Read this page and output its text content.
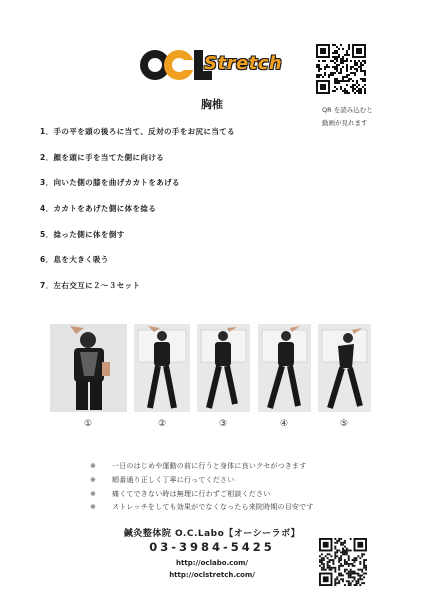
Stretch
QR を読み込むと
動画が見れます
胸椎
1．手の平を頭の後ろに当て、反対の手をお尻に当てる
2．顔を頭に手を当てた側に向ける
3．向いた側の膝を曲げカカトをあげる
4．カカトをあげた側に体を捻る
5．捻った側に体を倒す
6．息を大きく吸う
7．左右交互に２～３セット
①	②	③	④	⑤
※ 一日のはじめや運動の前に行うと身体に良いクセがつきます
※ 順番通り正しく丁寧に行ってください
※ 痛くてできない時は無理に行わずご相談ください
※ ストレッチをしても効果がでなくなったら来院時期の目安です
鍼灸整体院 O.C.Labo【オーシーラボ】
03-3984-5425
http://oclabo.com/
http://oclstretch.com/
